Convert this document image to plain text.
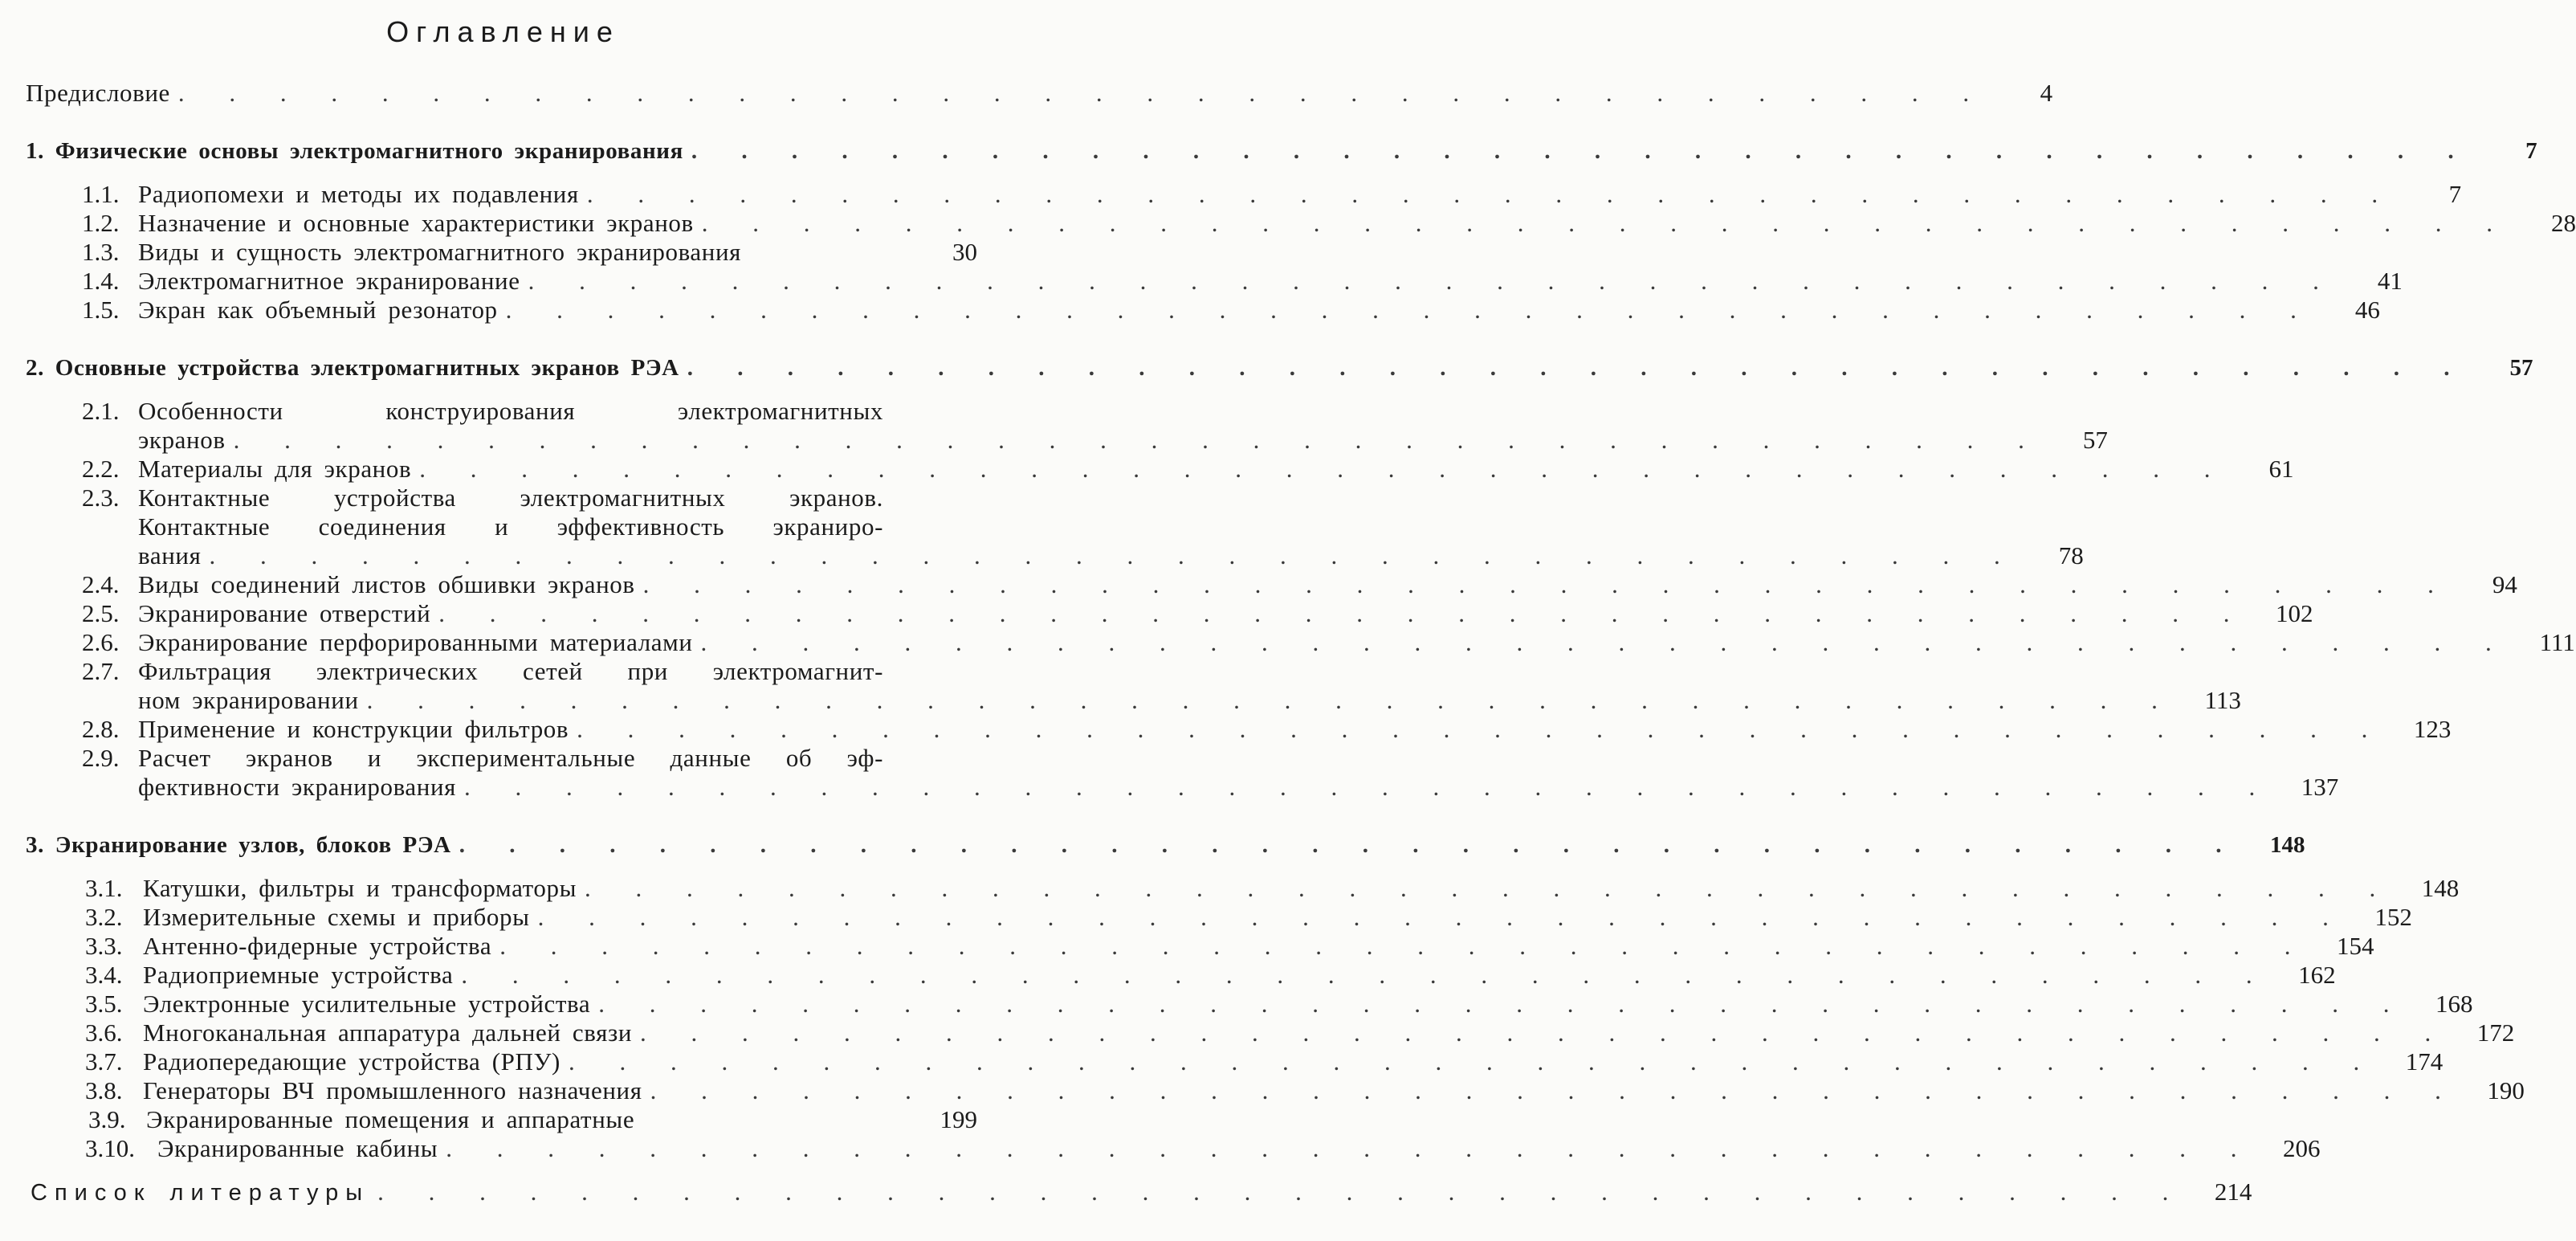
Оглавление
Предисловие . . . . . . . . . . . . . . . . . . . . . . . . . . . . . . . . . . . .	4
1. Физические основы электромагнитного экранирования . . . . . . . . . . . . . . . . . . . . . . . . . . . . . . . . . . . .	7
1.1. Радиопомехи и методы их подавления . . . . . . . . . . . . . . . . . . . . . . . . . . . . . . . . . . . .	7
1.2. Назначение и основные характеристики экранов . . . . . . . . . . . . . . . . . . . . . . . . . . . . . . . . . . . .	28
1.3. Виды и сущность электромагнитного экранирования	30
1.4. Электромагнитное экранирование . . . . . . . . . . . . . . . . . . . . . . . . . . . . . . . . . . . .	41
1.5. Экран как объемный резонатор . . . . . . . . . . . . . . . . . . . . . . . . . . . . . . . . . . . .	46
2. Основные устройства электромагнитных экранов РЭА . . . . . . . . . . . . . . . . . . . . . . . . . . . . . . . . . . . .	57
2.1. Особенности конструирования электромагнитных
экранов . . . . . . . . . . . . . . . . . . . . . . . . . . . . . . . . . . . .	57
2.2. Материалы для экранов . . . . . . . . . . . . . . . . . . . . . . . . . . . . . . . . . . . .	61
2.3. Контактные устройства электромагнитных экранов.
Контактные соединения и эффективность экраниро-
вания . . . . . . . . . . . . . . . . . . . . . . . . . . . . . . . . . . . .	78
2.4. Виды соединений листов обшивки экранов . . . . . . . . . . . . . . . . . . . . . . . . . . . . . . . . . . . .	94
2.5. Экранирование отверстий . . . . . . . . . . . . . . . . . . . . . . . . . . . . . . . . . . . .	102
2.6. Экранирование перфорированными материалами . . . . . . . . . . . . . . . . . . . . . . . . . . . . . . . . . . . .	111
2.7. Фильтрация электрических сетей при электромагнит-
ном экранировании . . . . . . . . . . . . . . . . . . . . . . . . . . . . . . . . . . . .	113
2.8. Применение и конструкции фильтров . . . . . . . . . . . . . . . . . . . . . . . . . . . . . . . . . . . .	123
2.9. Расчет экранов и экспериментальные данные об эф-
фективности экранирования . . . . . . . . . . . . . . . . . . . . . . . . . . . . . . . . . . . .	137
3. Экранирование узлов, блоков РЭА . . . . . . . . . . . . . . . . . . . . . . . . . . . . . . . . . . . .	148
3.1. Катушки, фильтры и трансформаторы . . . . . . . . . . . . . . . . . . . . . . . . . . . . . . . . . . . .	148
3.2. Измерительные схемы и приборы . . . . . . . . . . . . . . . . . . . . . . . . . . . . . . . . . . . .	152
3.3. Антенно-фидерные устройства . . . . . . . . . . . . . . . . . . . . . . . . . . . . . . . . . . . .	154
3.4. Радиоприемные устройства . . . . . . . . . . . . . . . . . . . . . . . . . . . . . . . . . . . .	162
3.5. Электронные усилительные устройства . . . . . . . . . . . . . . . . . . . . . . . . . . . . . . . . . . . .	168
3.6. Многоканальная аппаратура дальней связи . . . . . . . . . . . . . . . . . . . . . . . . . . . . . . . . . . . .	172
3.7. Радиопередающие устройства (РПУ) . . . . . . . . . . . . . . . . . . . . . . . . . . . . . . . . . . . .	174
3.8. Генераторы ВЧ промышленного назначения . . . . . . . . . . . . . . . . . . . . . . . . . . . . . . . . . . . .	190
3.9. Экранированные помещения и аппаратные	199
3.10. Экранированные кабины . . . . . . . . . . . . . . . . . . . . . . . . . . . . . . . . . . . .	206
Список литературы . . . . . . . . . . . . . . . . . . . . . . . . . . . . . . . . . . . .	214
